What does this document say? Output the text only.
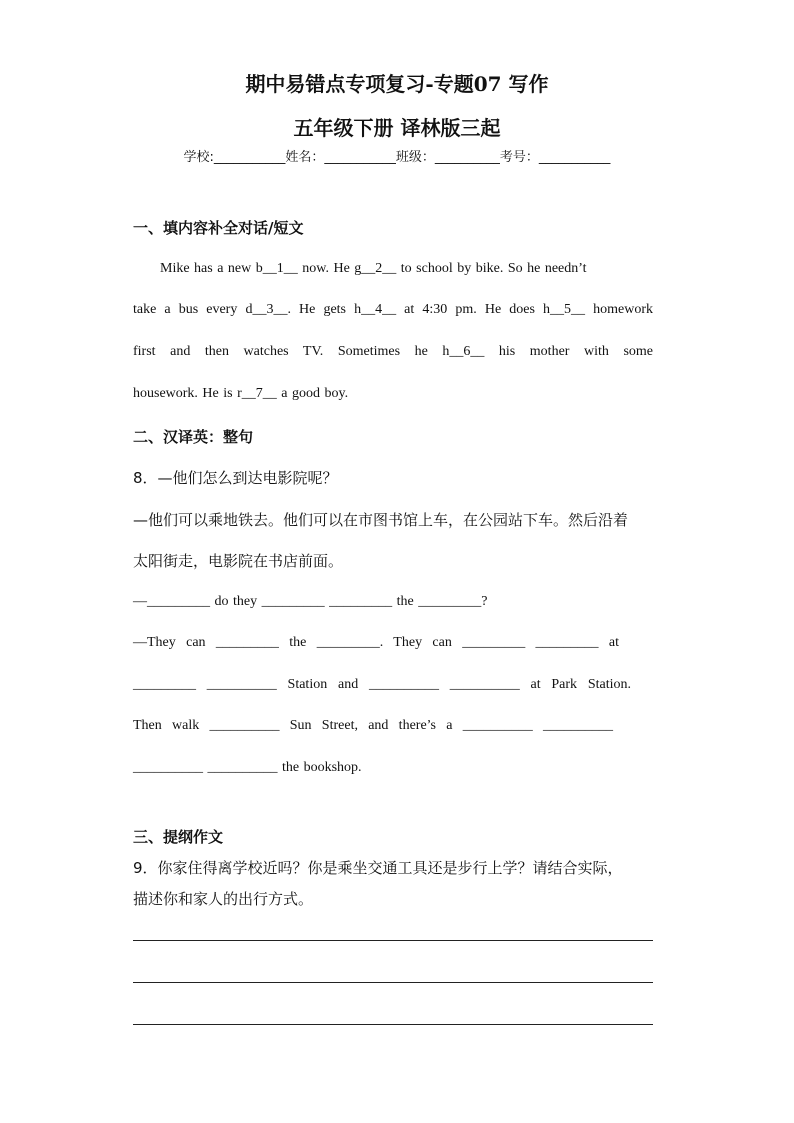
期中易错点专项复习-专题07 写作
五年级下册 译林版三起
学校:___________姓名：___________班级：__________考号：___________
一、填内容补全对话/短文
Mike has a new b__1__ now. He g__2__ to school by bike. So he needn’t
take a bus every d__3__. He gets h__4__ at 4:30 pm. He does h__5__ homework
first and then watches TV. Sometimes he h__6__ his mother with some
housework. He is r__7__ a good boy.
二、汉译英：整句
8．—他们怎么到达电影院呢？
—他们可以乘地铁去。他们可以在市图书馆上车，在公园站下车。然后沿着
太阳街走，电影院在书店前面。
—_________ do they _________ _________ the _________?
—They can _________ the _________. They can _________ _________ at
_________ __________ Station and __________ __________ at Park Station.
Then walk __________ Sun Street, and there’s a __________ __________
__________ __________ the bookshop.
三、提纲作文
9．你家住得离学校近吗？你是乘坐交通工具还是步行上学？请结合实际，
描述你和家人的出行方式。
